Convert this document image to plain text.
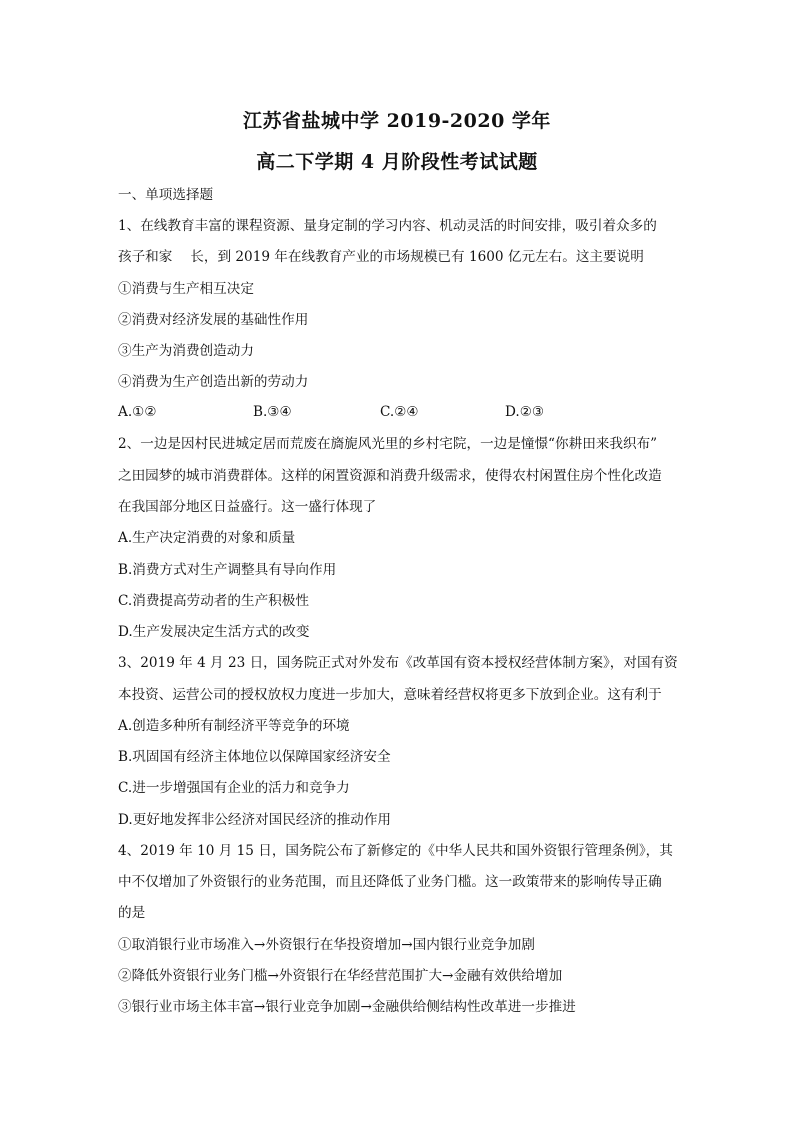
江苏省盐城中学 2019-2020 学年
高二下学期 4 月阶段性考试试题
一、单项选择题
1、在线教育丰富的课程资源、量身定制的学习内容、机动灵活的时间安排，吸引着众多的
孩子和家　 长，到 2019 年在线教育产业的市场规模已有 1600 亿元左右。这主要说明
①消费与生产相互决定
②消费对经济发展的基础性作用
③生产为消费创造动力
④消费为生产创造出新的劳动力
A.①②	B.③④	C.②④	D.②③
2、一边是因村民进城定居而荒废在旖旎风光里的乡村宅院，一边是憧憬“你耕田来我织布”
之田园梦的城市消费群体。这样的闲置资源和消费升级需求，使得农村闲置住房个性化改造
在我国部分地区日益盛行。这一盛行体现了
A.生产决定消费的对象和质量
B.消费方式对生产调整具有导向作用
C.消费提高劳动者的生产积极性
D.生产发展决定生活方式的改变
3、2019 年 4 月 23 日，国务院正式对外发布《改革国有资本授权经营体制方案》，对国有资
本投资、运营公司的授权放权力度进一步加大，意味着经营权将更多下放到企业。这有利于
A.创造多种所有制经济平等竞争的环境
B.巩固国有经济主体地位以保障国家经济安全
C.进一步增强国有企业的活力和竞争力
D.更好地发挥非公经济对国民经济的推动作用
4、2019 年 10 月 15 日，国务院公布了新修定的《中华人民共和国外资银行管理条例》，其
中不仅增加了外资银行的业务范围，而且还降低了业务门槛。这一政策带来的影响传导正确
的是
①取消银行业市场准入→外资银行在华投资增加→国内银行业竞争加剧
②降低外资银行业务门槛→外资银行在华经营范围扩大→金融有效供给增加
③银行业市场主体丰富→银行业竞争加剧→金融供给侧结构性改革进一步推进
